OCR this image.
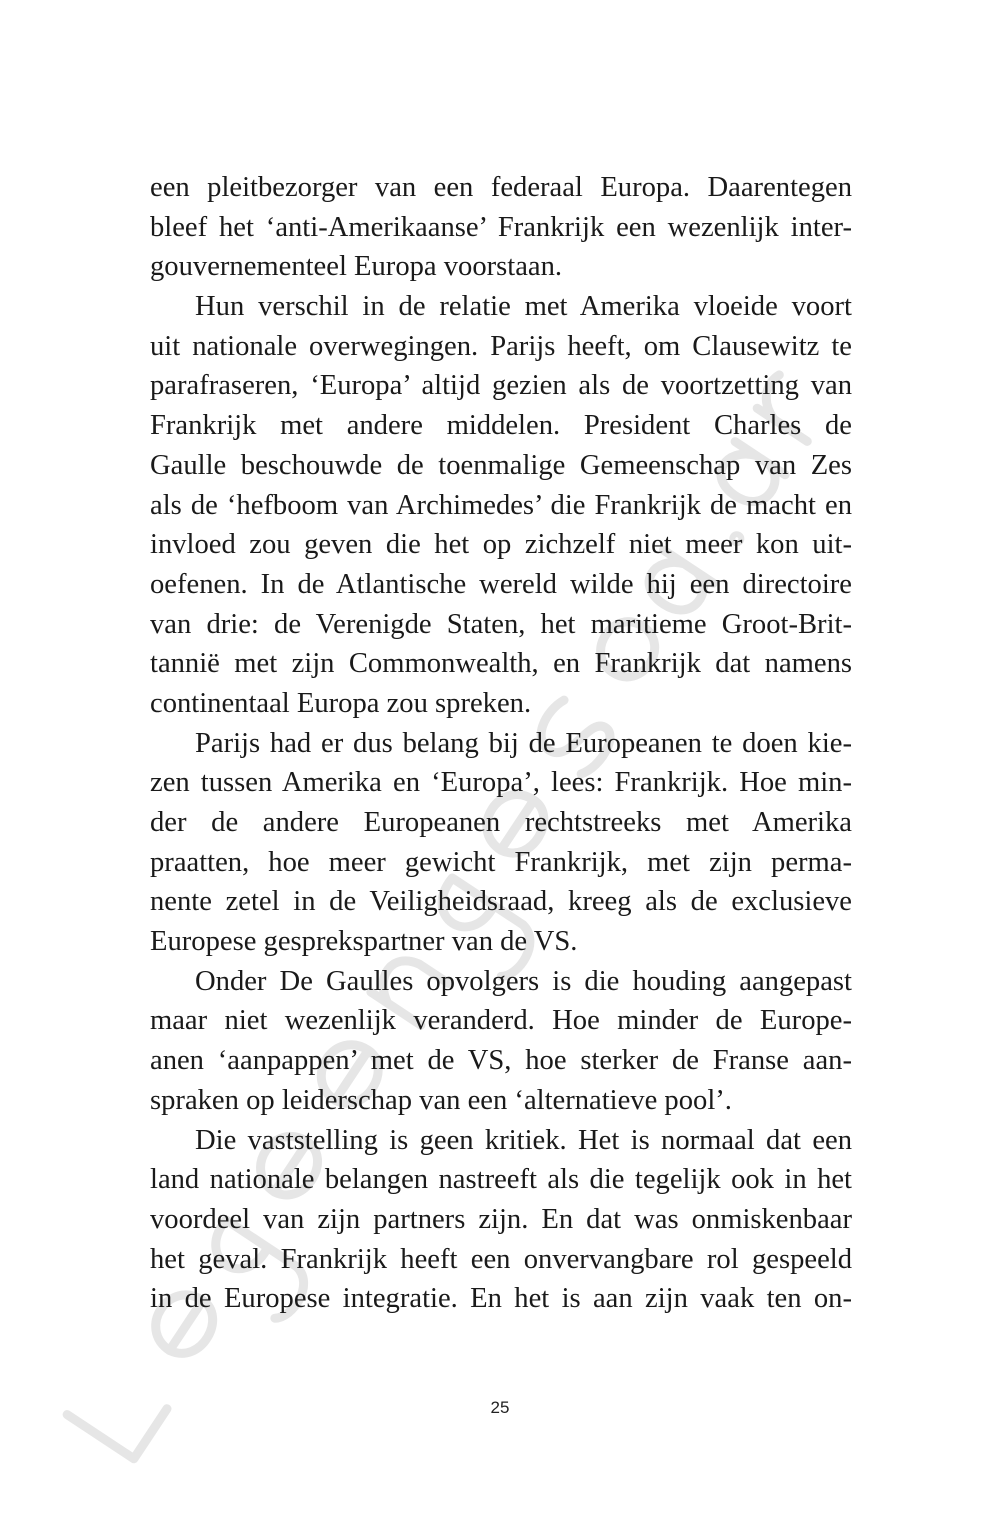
een pleitbezorger van een federaal Europa. Daarentegen
bleef het ‘anti-Amerikaanse’ Frankrijk een wezenlijk inter-
gouvernementeel Europa voorstaan.
Hun verschil in de relatie met Amerika vloeide voort
uit nationale overwegingen. Parijs heeft, om Clausewitz te
parafraseren, ‘Europa’ altijd gezien als de voortzetting van
Frankrijk met andere middelen. President Charles de
Gaulle beschouwde de toenmalige Gemeenschap van Zes
als de ‘hefboom van Archimedes’ die Frankrijk de macht en
invloed zou geven die het op zichzelf niet meer kon uit-
oefenen. In de Atlantische wereld wilde hij een directoire
van drie: de Verenigde Staten, het maritieme Groot-Brit-
tannië met zijn Commonwealth, en Frankrijk dat namens
continentaal Europa zou spreken.
Parijs had er dus belang bij de Europeanen te doen kie-
zen tussen Amerika en ‘Europa’, lees: Frankrijk. Hoe min-
der de andere Europeanen rechtstreeks met Amerika
praatten, hoe meer gewicht Frankrijk, met zijn perma-
nente zetel in de Veiligheidsraad, kreeg als de exclusieve
Europese gesprekspartner van de VS.
Onder De Gaulles opvolgers is die houding aangepast
maar niet wezenlijk veranderd. Hoe minder de Europe-
anen ‘aanpappen’ met de VS, hoe sterker de Franse aan-
spraken op leiderschap van een ‘alternatieve pool’.
Die vaststelling is geen kritiek. Het is normaal dat een
land nationale belangen nastreeft als die tegelijk ook in het
voordeel van zijn partners zijn. En dat was onmiskenbaar
het geval. Frankrijk heeft een onvervangbare rol gespeeld
in de Europese integratie. En het is aan zijn vaak ten on-
25
